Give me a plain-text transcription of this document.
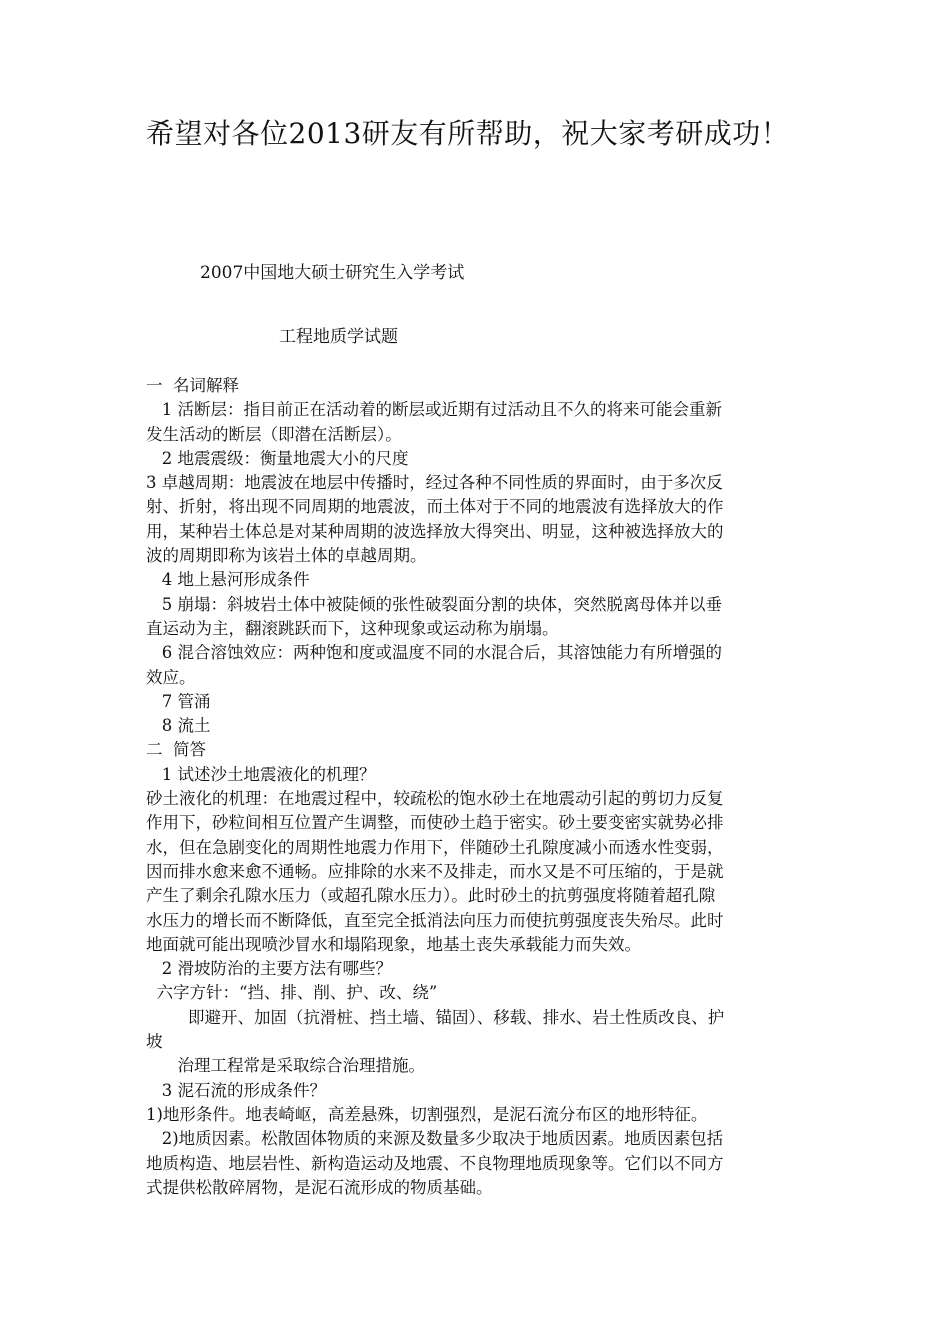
希望对各位2013研友有所帮助，祝大家考研成功！
2007中国地大硕士研究生入学考试
工程地质学试题
一  名词解释
1 活断层：指目前正在活动着的断层或近期有过活动且不久的将来可能会重新
发生活动的断层（即潜在活断层）。
2 地震震级：衡量地震大小的尺度
3 卓越周期：地震波在地层中传播时，经过各种不同性质的界面时，由于多次反
射、折射，将出现不同周期的地震波，而土体对于不同的地震波有选择放大的作
用，某种岩土体总是对某种周期的波选择放大得突出、明显，这种被选择放大的
波的周期即称为该岩土体的卓越周期。
4 地上悬河形成条件
5 崩塌：斜坡岩土体中被陡倾的张性破裂面分割的块体，突然脱离母体并以垂
直运动为主，翻滚跳跃而下，这种现象或运动称为崩塌。
6 混合溶蚀效应：两种饱和度或温度不同的水混合后，其溶蚀能力有所增强的
效应。
7 管涌
8 流土
二  简答
1 试述沙土地震液化的机理？
砂土液化的机理：在地震过程中，较疏松的饱水砂土在地震动引起的剪切力反复
作用下，砂粒间相互位置产生调整，而使砂土趋于密实。砂土要变密实就势必排
水，但在急剧变化的周期性地震力作用下，伴随砂土孔隙度减小而透水性变弱，
因而排水愈来愈不通畅。应排除的水来不及排走，而水又是不可压缩的，于是就
产生了剩余孔隙水压力（或超孔隙水压力）。此时砂土的抗剪强度将随着超孔隙
水压力的增长而不断降低，直至完全抵消法向压力而使抗剪强度丧失殆尽。此时
地面就可能出现喷沙冒水和塌陷现象，地基土丧失承载能力而失效。
2 滑坡防治的主要方法有哪些？
六字方针：“挡、排、削、护、改、绕”
即避开、加固（抗滑桩、挡土墙、锚固）、移载、排水、岩土性质改良、护
坡
治理工程常是采取综合治理措施。
3 泥石流的形成条件？
1)地形条件。地表崎岖，高差悬殊，切割强烈，是泥石流分布区的地形特征。
2)地质因素。松散固体物质的来源及数量多少取决于地质因素。地质因素包括
地质构造、地层岩性、新构造运动及地震、不良物理地质现象等。它们以不同方
式提供松散碎屑物，是泥石流形成的物质基础。
